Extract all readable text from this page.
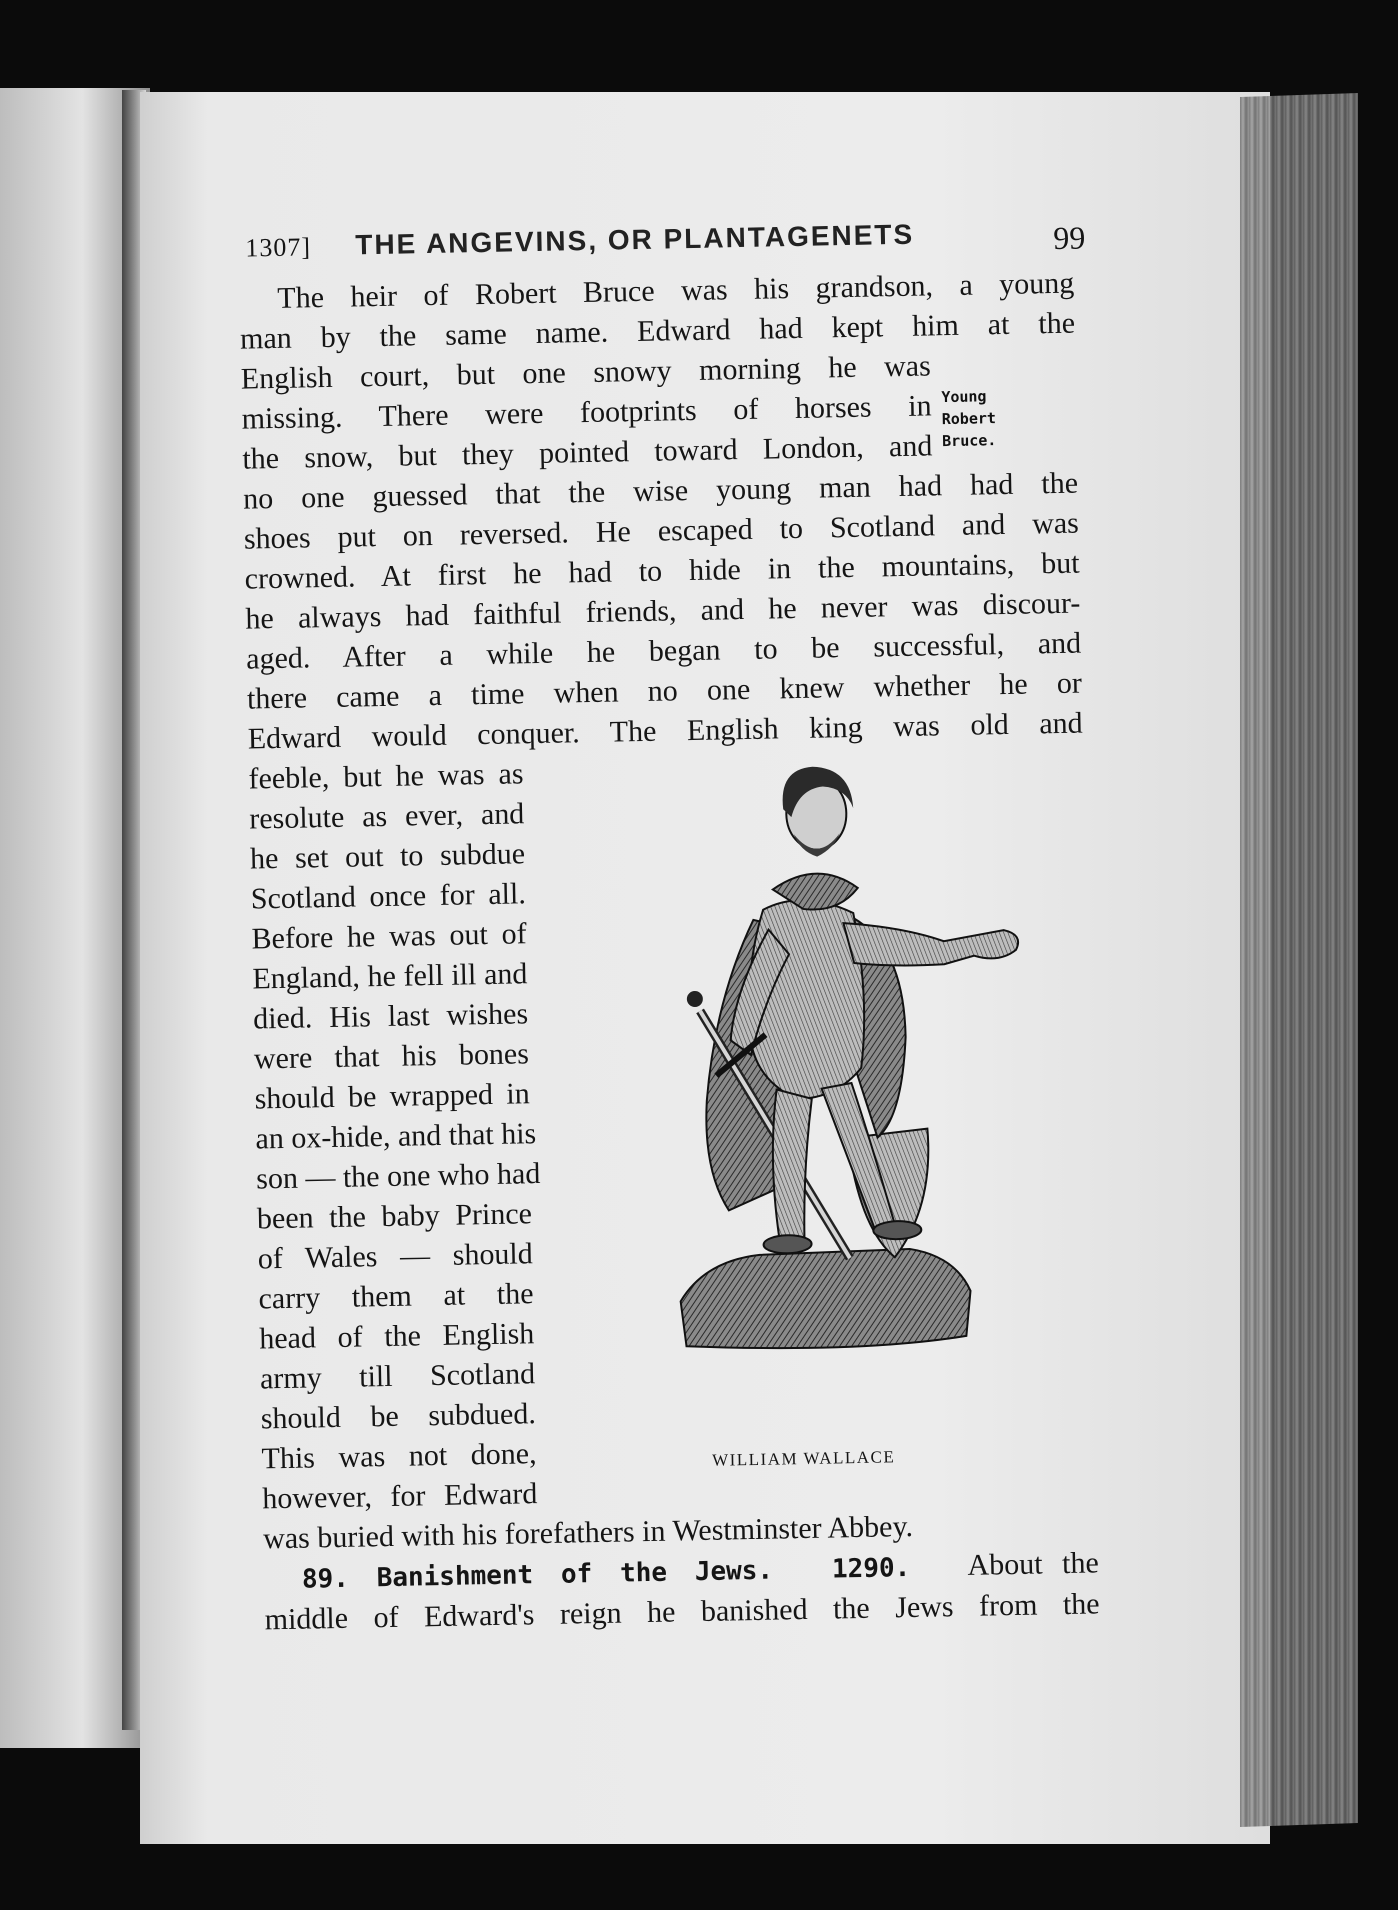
1307] THE ANGEVINS, OR PLANTAGENETS	99
The heir of Robert Bruce was his grandson, a young
man by the same name. Edward had kept him at the
English court, but one snowy morning he was
missing. There were footprints of horses in
the snow, but they pointed toward London, and
no one guessed that the wise young man had had the
shoes put on reversed. He escaped to Scotland and was
crowned. At first he had to hide in the mountains, but
he always had faithful friends, and he never was discour-
aged. After a while he began to be successful, and
there came a time when no one knew whether he or
Edward would conquer. The English king was old and
Young
Robert
Bruce.
feeble, but he was as
resolute as ever, and
he set out to subdue
Scotland once for all.
Before he was out of
England, he fell ill and
died. His last wishes
were that his bones
should be wrapped in
an ox-hide, and that his
son — the one who had
been the baby Prince
of Wales — should
carry them at the
head of the English
army till Scotland
should be subdued.
This was not done,
however, for Edward
WILLIAM WALLACE
was buried with his forefathers in Westminster Abbey.
89. Banishment of the Jews. 1290. About the
middle of Edward's reign he banished the Jews from the
